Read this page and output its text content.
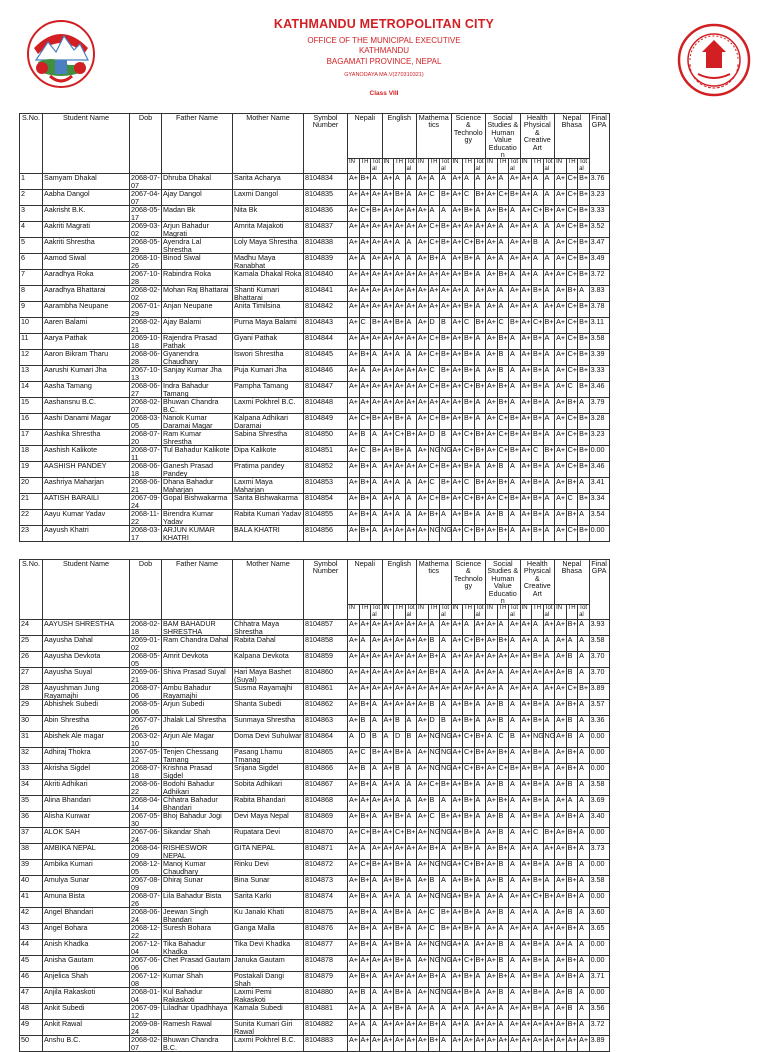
KATHMANDU METROPOLITAN CITY
OFFICE OF THE MUNICIPAL EXECUTIVE
KATHMANDU
BAGAMATI PROVINCE, NEPAL
GYANODAYA MA.V(270310321)
Class VIII
S.No.	Student Name	Dob	Father Name	Mother Name	Symbol Number	Nepali			English			Mathematics			Science & Technology			Social Studies & Human Value Education			Health Physical & Creative Art			Nepal Bhasa			Final GPA
						IN	TH	Total	IN	TH	Total	IN	TH	Total	IN	TH	Total	IN	TH	Total	IN	TH	Total	IN	TH	Total	
1	Samyam Dhakal	2068-07-07	Dhruba Dhakal	Sarita Acharya	8104834	A+	B+	A	A+	A	A	A+	A	A	A+	A	A	A+	A	A+	A+	A	A	A+	C+	B+	3.76
2	Aabha Dangol	2067-04-07	Ajay Dangol	Laxmi Dangol	8104835	A+	A+	A+	A+	B+	A	A+	C	B+	A+	C	B+	A+	C+	B+	A+	A	A	A+	C+	B+	3.23
3	Aakrisht B.K.	2068-05-17	Madan Bk	Nita Bk	8104836	A+	C+	B+	A+	A+	A+	A+	A	A	A+	B+	A	A+	B+	A	A+	C+	B+	A+	C+	B+	3.33
4	Aakriti Magrati	2069-03-02	Arjun Bahadur Magrati	Amrita Majakoti	8104837	A+	A+	A+	A+	A+	A+	A+	C+	B+	A+	A+	A+	A+	A	A+	A+	A	A	A+	C+	B+	3.52
5	Aakriti Shrestha	2068-05-29	Ayendra Lal Shrestha	Loly Maya Shrestha	8104838	A+	A+	A+	A+	A	A	A+	C+	B+	A+	C+	B+	A+	A	A+	A+	B	A	A+	C+	B+	3.47
6	Aamod Siwal	2068-10-26	Binod Siwal	Madhu Maya Ranabhat	8104839	A+	A	A+	A+	A	A	A+	B+	A	A+	B+	A	A+	A	A+	A+	A	A	A+	C+	B+	3.49
7	Aaradhya Roka	2067-10-28	Rabindra Roka	Kamala Dhakal Roka	8104840	A+	A+	A+	A+	A+	A+	A+	A+	A+	A+	B+	A	A+	B+	A	A+	A	A+	A+	C+	B+	3.72
8	Aaradhya Bhattarai	2068-02-02	Mohan Raj Bhattarai	Shanti Kumari Bhattarai	8104841	A+	A+	A+	A+	A+	A+	A+	A+	A+	A+	A	A+	A+	A	A+	A+	B+	A	A+	B+	A	3.83
9	Aarambha Neupane	2067-01-29	Anjan Neupane	Anita Timilsina	8104842	A+	A+	A+	A+	A+	A+	A+	A+	A+	A+	B+	A	A+	A	A+	A+	A	A+	A+	C+	B+	3.78
10	Aaren Balami	2068-02-21	Ajay Balami	Purna Maya Balami	8104843	A+	C	B+	A+	B+	A	A+	D	B	A+	C	B+	A+	C	B+	A+	C+	B+	A+	C+	B+	3.11
11	Aarya Pathak	2069-10-18	Rajendra Prasad Pathak	Gyani Pathak	8104844	A+	A+	A+	A+	A+	A+	A+	C+	B+	A+	B+	A	A+	B+	A	A+	B+	A	A+	C+	B+	3.58
12	Aaron Bikram Tharu	2068-06-28	Gyanendra Chaudhary	Iswori Shrestha	8104845	A+	B+	A	A+	A	A	A+	C+	B+	A+	B+	A	A+	B	A	A+	B+	A	A+	C+	B+	3.39
13	Aarushi Kumari Jha	2067-10-13	Sanjay Kumar Jha	Puja Kumari Jha	8104846	A+	A	A+	A+	A+	A+	A+	C	B+	A+	B+	A	A+	B	A	A+	B+	A	A+	C+	B+	3.33
14	Aasha Tamang	2068-06-27	Indra Bahadur Tamang	Pampha Tamang	8104847	A+	A+	A+	A+	A+	A+	A+	C+	B+	A+	C+	B+	A+	B+	A	A+	B+	A	A+	C	B+	3.46
15	Aashansnu B.C.	2068-02-07	Bhuwan Chandra B.C.	Laxmi Pokhrel B.C.	8104848	A+	A+	A+	A+	A+	A+	A+	A+	A+	A+	B+	A	A+	B+	A	A+	B+	A	A+	B+	A	3.79
16	Aashi Danami Magar	2068-03-05	Nanok Kumar Daramai Magar	Kalpana Adhikari Daramai	8104849	A+	C+	B+	A+	B+	A	A+	C+	B+	A+	B+	A	A+	C+	B+	A+	B+	A	A+	C+	B+	3.28
17	Aashika Shrestha	2068-07-20	Ram Kumar Shrestha	Sabina Shrestha	8104850	A+	B	A	A+	C+	B+	A+	D	B	A+	C+	B+	A+	C+	B+	A+	B+	A	A+	C+	B+	3.23
18	Aashish Kalikote	2068-07-11	Tul Bahadur Kalikote	Dipa Kalikote	8104851	A+	C	B+	A+	B+	A	A+	NG	NG	A+	C+	B+	A+	C+	B+	A+	C	B+	A+	C+	B+	0.00
19	AASHISH PANDEY	2068-06-18	Ganesh Prasad Pandey	Pratima pandey	8104852	A+	B+	A	A+	A+	A+	A+	C+	B+	A+	B+	A	A+	B	A	A+	B+	A	A+	C+	B+	3.46
20	Aashriya Maharjan	2068-06-21	Dhana Bahadur Maharjan	Laxmi Maya Maharjan	8104853	A+	B+	A	A+	A	A	A+	C	B+	A+	C	B+	A+	B+	A	A+	B+	A	A+	B+	A	3.41
21	AATISH BARAILI	2067-09-24	Gopal Bishwakarma	Sarita Bishwakarma	8104854	A+	B+	A	A+	A	A	A+	C+	B+	A+	C+	B+	A+	C+	B+	A+	B+	A	A+	C	B+	3.34
22	Aayu Kumar Yadav	2068-11-22	Birendra Kumar Yadav	Rabita Kumari Yadav	8104855	A+	B+	A	A+	A	A	A+	B+	A	A+	B+	A	A+	B	A	A+	B+	A	A+	B+	A	3.54
23	Aayush Khatri	2068-03-17	ARJUN KUMAR KHATRI	BALA KHATRI	8104856	A+	B+	A	A+	A+	A+	A+	NG	NG	A+	C+	B+	A+	B+	A	A+	B+	A	A+	C+	B+	0.00
S.No.	Student Name	Dob	Father Name	Mother Name	Symbol Number	Nepali			English			Mathematics			Science & Technology			Social Studies & Human Value Education			Health Physical & Creative Art			Nepal Bhasa			Final GPA
						IN	TH	Total	IN	TH	Total	IN	TH	Total	IN	TH	Total	IN	TH	Total	IN	TH	Total	IN	TH	Total	
24	AAYUSH SHRESTHA	2068-02-18	BAM BAHADUR SHRESTHA	Chhatra Maya Shrestha	8104857	A+	A+	A+	A+	A+	A+	A+	A	A+	A+	A	A+	A+	A	A+	A+	A	A+	A+	B+	A	3.93
25	Aayusha Dahal	2069-01-02	Ram Chandra Dahal	Rabita Dahal	8104858	A+	A	A+	A+	A+	A+	A+	B	A	A+	C+	B+	A+	B+	A	A+	A	A	A+	A	A	3.58
26	Aayusha Devkota	2068-05-05	Amrit Devkota	Kalpana Devkota	8104859	A+	A+	A+	A+	A+	A+	A+	B+	A	A+	A+	A+	A+	A+	A+	A+	B+	A	A+	B	A	3.70
27	Aayusha Suyal	2069-06-21	Shiva Prasad Suyal	Hari Maya Bashet (Suyal)	8104860	A+	A+	A+	A+	A+	A+	A+	B+	A	A+	A	A+	A+	A	A+	A+	A+	A+	A+	B	A	3.70
28	Aayushman Jung Rayamajhi	2068-07-06	Ambu Bahadur Rayamajhi	Susma Rayamajhi	8104861	A+	A+	A+	A+	A+	A+	A+	A+	A+	A+	A+	A+	A+	A	A+	A+	A	A+	A+	C+	B+	3.89
29	Abhishek Subedi	2068-05-06	Arjun Subedi	Shanta Subedi	8104862	A+	B+	A	A+	A+	A+	A+	B	A	A+	B+	A	A+	B	A	A+	B+	A	A+	B+	A	3.57
30	Abin Shrestha	2067-07-26	Jhalak Lal Shrestha	Sunmaya Shrestha	8104863	A+	B	A	A+	B	A	A+	D	B	A+	B+	A	A+	B	A	A+	B+	A	A+	B	A	3.36
31	Abishek Ale magar	2063-02-10	Arjun Ale Magar	Doma Devi Suhulwar	8104864	A	D	B	A	D	B	A+	NG	NG	A+	C+	B+	A	C	B	A+	NG	NG	A+	B	A	0.00
32	Adhiraj Thokra	2067-05-12	Tenjen Chessang Tamang	Pasang Lhamu Tmanag	8104865	A+	C	B+	A+	B+	A	A+	NG	NG	A+	C+	B+	A+	B+	A	A+	B+	A	A+	B+	A	0.00
33	Akrisha Sigdel	2068-07-18	Krishna Prasad Sigdel	Srijana Sigdel	8104866	A+	B	A	A+	B	A	A+	NG	NG	A+	C+	B+	A+	C+	B+	A+	B+	A	A+	B+	A	0.00
34	Akriti Adhikari	2068-06-22	Bodohi Bahadur Adhikari	Sobita Adhikari	8104867	A+	B+	A	A+	A	A	A+	C+	B+	A+	B+	A	A+	B	A	A+	B+	A	A+	B	A	3.58
35	Alina Bhandari	2068-04-14	Chhatra Bahadur Bhandari	Rabita Bhandari	8104868	A+	A+	A+	A+	A	A	A+	B	A	A+	B+	A	A+	B+	A	A+	B+	A	A+	A	A	3.69
36	Alisha Kunwar	2067-05-30	Bhoj Bahadur Jogi	Devi Maya Nepal	8104869	A+	B+	A	A+	B+	A	A+	C	B+	A+	B+	A	A+	B	A	A+	B+	A	A+	B+	A	3.40
37	ALOK SAH	2067-06-24	Sikandar Shah	Rupatara Devi	8104870	A+	C+	B+	A+	C+	B+	A+	NG	NG	A+	B+	A	A+	B	A	A+	C	B+	A+	B+	A	0.00
38	AMBIKA NEPAL	2068-04-09	RISHESWOR NEPAL	GITA NEPAL	8104871	A+	A	A+	A+	A+	A+	A+	B+	A	A+	B+	A	A+	B+	A	A+	A	A+	A+	B+	A	3.73
39	Ambika Kumari	2068-12-05	Manoj Kumar Chaudhary	Rinku Devi	8104872	A+	C+	B+	A+	B+	A	A+	NG	NG	A+	C+	B+	A+	B	A	A+	B+	A	A+	B	A	0.00
40	Amulya Sunar	2067-08-09	Dhiraj Sunar	Bina Sunar	8104873	A+	B+	A	A+	B+	A	A+	B	A	A+	B+	A	A+	B	A	A+	B+	A	A+	B+	A	3.58
41	Amuna Bista	2068-07-26	Lila Bahadur Bista	Sarita Karki	8104874	A+	B+	A	A+	A	A	A+	NG	NG	A+	B+	A	A+	A	A+	A+	C+	B+	A+	B+	A	0.00
42	Angel Bhandari	2068-06-24	Jeewan Singh Bhandari	Ku Janaki Khati	8104875	A+	B+	A	A+	B+	A	A+	C	B+	A+	B+	A	A+	B	A	A+	A	A	A+	B	A	3.60
43	Angel Bohara	2068-12-22	Suresh Bohara	Ganga Malla	8104876	A+	B+	A	A+	B+	A	A+	C	B+	A+	B+	A	A+	A	A+	A+	A	A+	A+	B+	A	3.65
44	Anish Khadka	2067-12-04	Tika Bahadur Khadka	Tika Devi Khadka	8104877	A+	B+	A	A+	B+	A	A+	NG	NG	A+	A	A+	A+	B	A	A+	B+	A	A+	A	A	0.00
45	Anisha Gautam	2067-06-06	Chet Prasad Gautam	Januka Gautam	8104878	A+	A+	A+	A+	B+	A	A+	NG	NG	A+	C+	B+	A+	B	A	A+	B+	A	A+	B+	A	0.00
46	Anjelica Shah	2067-12-08	Kumar Shah	Postakali Dangi Shah	8104879	A+	B+	A	A+	A+	A+	A+	B+	A	A+	B+	A	A+	B+	A	A+	B+	A	A+	B+	A	3.71
47	Anjila Rakaskoti	2068-01-04	Kul Bahadur Rakaskoti	Laxmi Pemi Rakaskoti	8104880	A+	B	A	A+	B+	A	A+	NG	NG	A+	B+	A	A+	B	A	A+	B+	A	A+	B	A	0.00
48	Ankit Subedi	2067-09-12	Liladhar Upadhhaya	Kamala Subedi	8104881	A+	A	A	A+	B+	A	A+	A	A	A+	A	A+	A+	A	A+	A+	B+	A	A+	B	A	3.56
49	Ankit Rawal	2069-08-24	Ramesh Rawal	Sunita Kumari Giri Rawal	8104882	A+	A	A	A+	A+	A+	A+	B+	A	A+	A	A+	A+	A	A+	A+	A+	A+	A+	B+	A	3.72
50	Anshu B.C.	2068-02-07	Bhuwan Chandra B.C.	Laxmi Pokhrel B.C.	8104883	A+	A+	A+	A+	A+	A+	A+	B+	A	A+	A+	A+	A+	A+	A+	A+	A+	A+	A+	A+	A+	3.89
